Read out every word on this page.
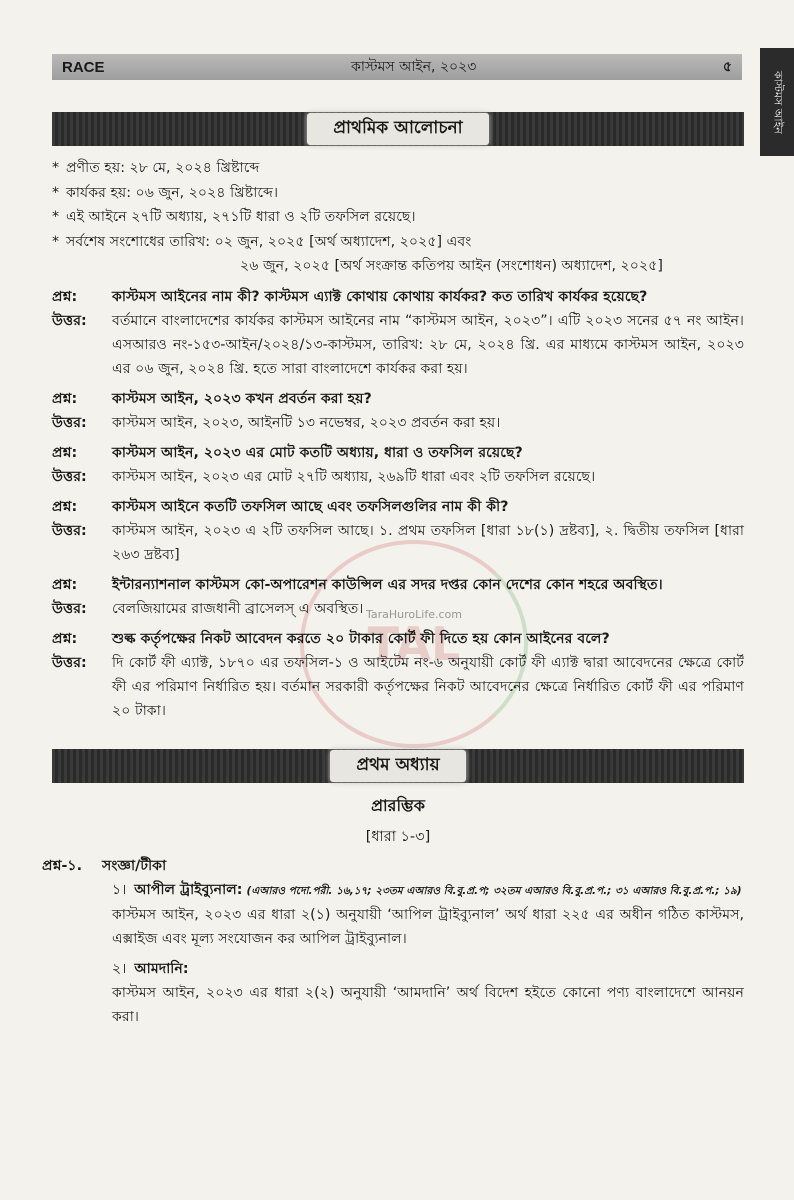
RACE	কাস্টমস আইন, ২০২৩	৫
কাস্টমস আইন
TAL
TaraHuroLife.com
প্রাথমিক আলোচনা
* প্রণীত হয়: ২৮ মে, ২০২৪ খ্রিষ্টাব্দে
* কার্যকর হয়: ০৬ জুন, ২০২৪ খ্রিষ্টাব্দে।
* এই আইনে ২৭টি অধ্যায়, ২৭১টি ধারা ও ২টি তফসিল রয়েছে।
* সর্বশেষ সংশোধের তারিখ: ০২ জুন, ২০২৫ [অর্থ অধ্যাদেশ, ২০২৫] এবং
২৬ জুন, ২০২৫ [অর্থ সংক্রান্ত কতিপয় আইন (সংশোধন) অধ্যাদেশ, ২০২৫]
প্রশ্ন:	কাস্টমস আইনের নাম কী? কাস্টমস এ্যাক্ট কোথায় কোথায় কার্যকর? কত তারিখ কার্যকর হয়েছে?
উত্তর:	বর্তমানে বাংলাদেশের কার্যকর কাস্টমস আইনের নাম “কাস্টমস আইন, ২০২৩”। এটি ২০২৩ সনের ৫৭ নং আইন। এসআরও নং-১৫৩-আইন/২০২৪/১৩-কাস্টমস, তারিখ: ২৮ মে, ২০২৪ খ্রি. এর মাধ্যমে কাস্টমস আইন, ২০২৩ এর ০৬ জুন, ২০২৪ খ্রি. হতে সারা বাংলাদেশে কার্যকর করা হয়।
প্রশ্ন:	কাস্টমস আইন, ২০২৩ কখন প্রবর্তন করা হয়?
উত্তর:	কাস্টমস আইন, ২০২৩, আইনটি ১৩ নভেম্বর, ২০২৩ প্রবর্তন করা হয়।
প্রশ্ন:	কাস্টমস আইন, ২০২৩ এর মোট কতটি অধ্যায়, ধারা ও তফসিল রয়েছে?
উত্তর:	কাস্টমস আইন, ২০২৩ এর মোট ২৭টি অধ্যায়, ২৬৯টি ধারা এবং ২টি তফসিল রয়েছে।
প্রশ্ন:	কাস্টমস আইনে কতটি তফসিল আছে এবং তফসিলগুলির নাম কী কী?
উত্তর:	কাস্টমস আইন, ২০২৩ এ ২টি তফসিল আছে। ১. প্রথম তফসিল [ধারা ১৮(১) দ্রষ্টব্য], ২. দ্বিতীয় তফসিল [ধারা ২৬৩ দ্রষ্টব্য]
প্রশ্ন:	ইন্টারন্যাশনাল কাস্টমস কো-অপারেশন কাউন্সিল এর সদর দপ্তর কোন দেশের কোন শহরে অবস্থিত।
উত্তর:	বেলজিয়ামের রাজধানী ব্রাসেলস্‌ এ অবস্থিত।
প্রশ্ন:	শুল্ক কর্তৃপক্ষের নিকট আবেদন করতে ২০ টাকার কোর্ট ফী দিতে হয় কোন আইনের বলে?
উত্তর:	দি কোর্ট ফী এ্যাক্ট, ১৮৭০ এর তফসিল-১ ও আইটেম নং-৬ অনুযায়ী কোর্ট ফী এ্যাক্ট দ্বারা আবেদনের ক্ষেত্রে কোর্ট ফী এর পরিমাণ নির্ধারিত হয়। বর্তমান সরকারী কর্তৃপক্ষের নিকট আবেদনের ক্ষেত্রে নির্ধারিত কোর্ট ফী এর পরিমাণ ২০ টাকা।
প্রথম অধ্যায়
প্রারম্ভিক
[ধারা ১-৩]
প্রশ্ন-১.	সংজ্ঞা/টীকা
১। আপীল ট্রাইব্যুনাল: (এআরও পদো.পরী. ১৬,১৭; ২৩তম এআরও বি.বু.প্র.প; ৩২তম এআরও বি.বু.প্র.প.; ৩১ এআরও বি.বু.প্র.প.; ১৯)
কাস্টমস আইন, ২০২৩ এর ধারা ২(১) অনুযায়ী ‘আপিল ট্রাইব্যুনাল’ অর্থ ধারা ২২৫ এর অধীন গঠিত কাস্টমস, এক্সাইজ এবং মূল্য সংযোজন কর আপিল ট্রাইব্যুনাল।
২। আমদানি:
কাস্টমস আইন, ২০২৩ এর ধারা ২(২) অনুযায়ী ‘আমদানি’ অর্থ বিদেশ হইতে কোনো পণ্য বাংলাদেশে আনয়ন করা।
